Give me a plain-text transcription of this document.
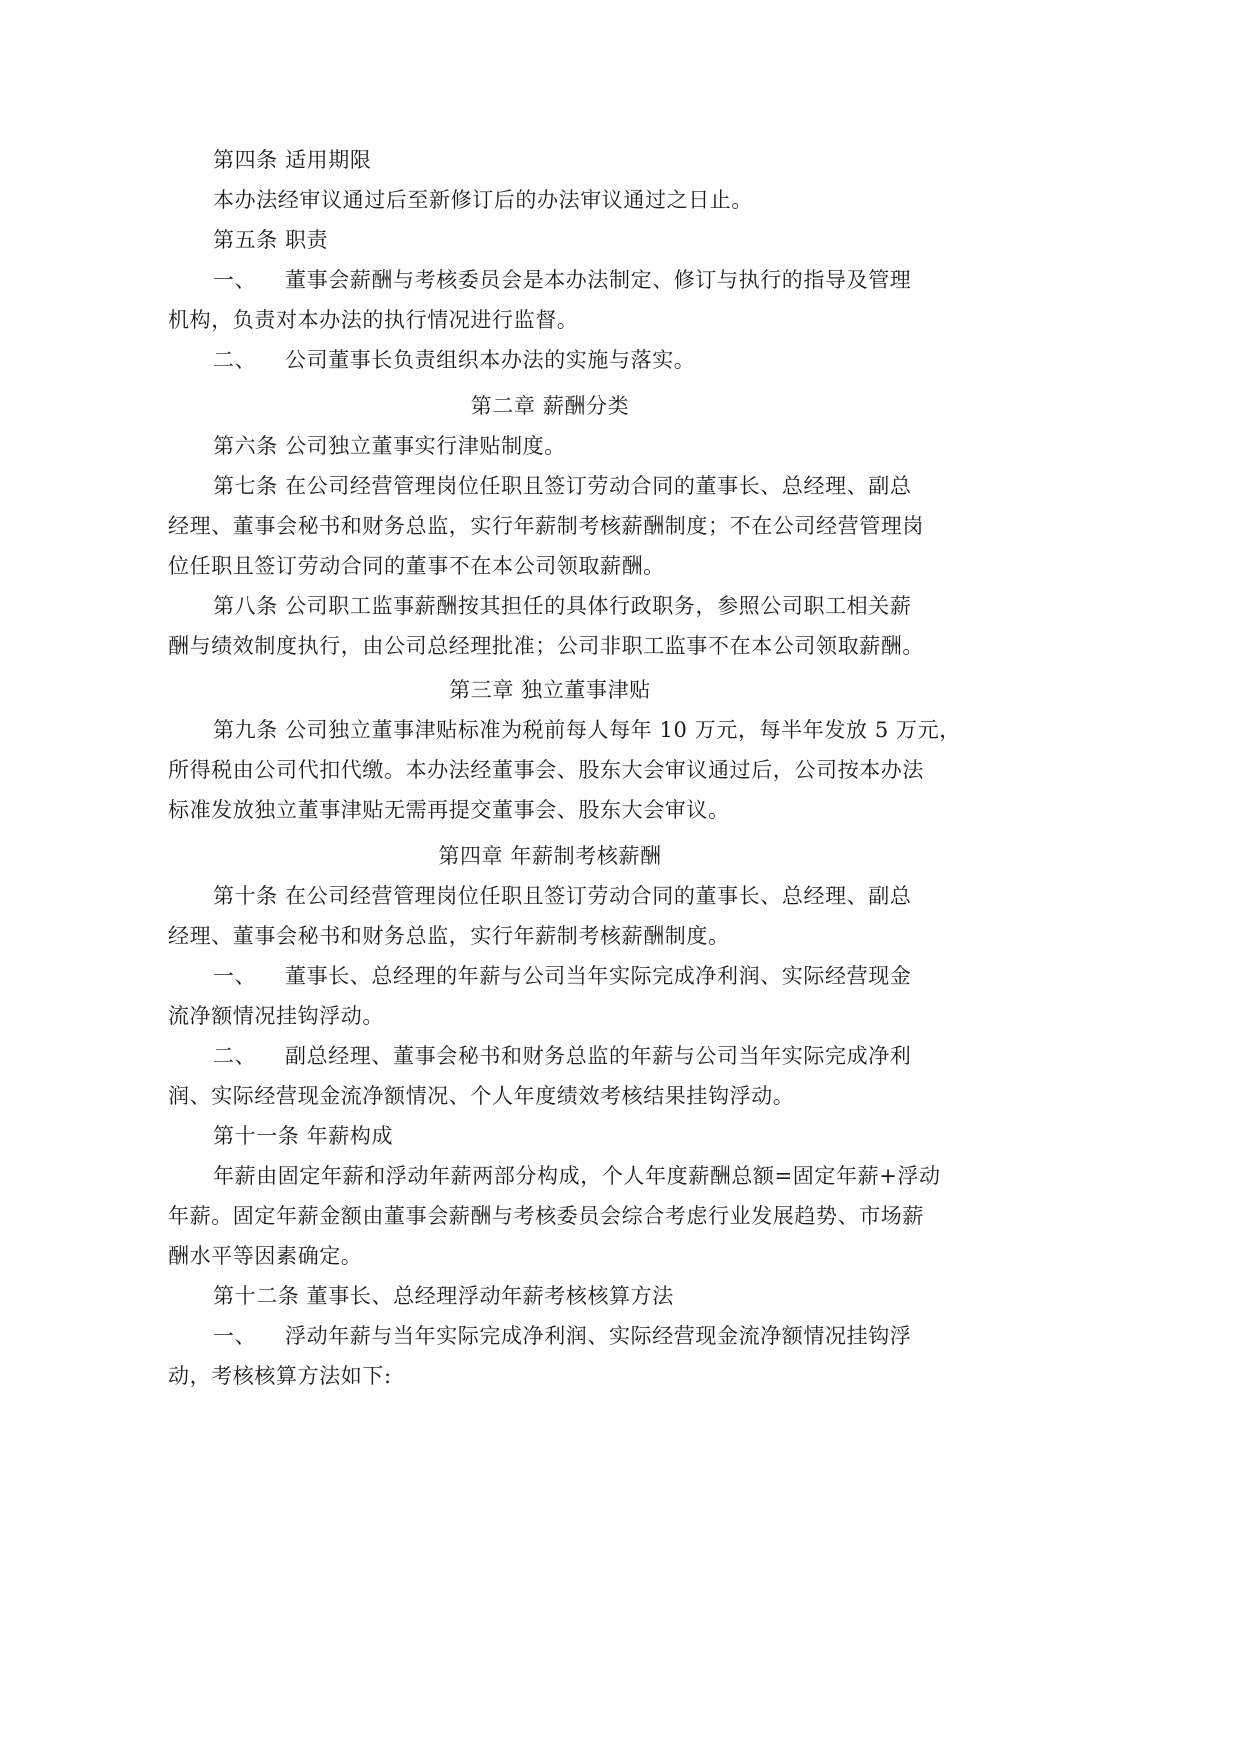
第四条 适用期限
本办法经审议通过后至新修订后的办法审议通过之日止。
第五条 职责
一、 董事会薪酬与考核委员会是本办法制定、修订与执行的指导及管理
机构，负责对本办法的执行情况进行监督。
二、 公司董事长负责组织本办法的实施与落实。
第二章 薪酬分类
第六条 公司独立董事实行津贴制度。
第七条 在公司经营管理岗位任职且签订劳动合同的董事长、总经理、副总
经理、董事会秘书和财务总监，实行年薪制考核薪酬制度；不在公司经营管理岗
位任职且签订劳动合同的董事不在本公司领取薪酬。
第八条 公司职工监事薪酬按其担任的具体行政职务，参照公司职工相关薪
酬与绩效制度执行，由公司总经理批准；公司非职工监事不在本公司领取薪酬。
第三章 独立董事津贴
第九条 公司独立董事津贴标准为税前每人每年 10 万元，每半年发放 5 万元，
所得税由公司代扣代缴。本办法经董事会、股东大会审议通过后，公司按本办法
标准发放独立董事津贴无需再提交董事会、股东大会审议。
第四章 年薪制考核薪酬
第十条 在公司经营管理岗位任职且签订劳动合同的董事长、总经理、副总
经理、董事会秘书和财务总监，实行年薪制考核薪酬制度。
一、 董事长、总经理的年薪与公司当年实际完成净利润、实际经营现金
流净额情况挂钩浮动。
二、 副总经理、董事会秘书和财务总监的年薪与公司当年实际完成净利
润、实际经营现金流净额情况、个人年度绩效考核结果挂钩浮动。
第十一条 年薪构成
年薪由固定年薪和浮动年薪两部分构成，个人年度薪酬总额=固定年薪+浮动
年薪。固定年薪金额由董事会薪酬与考核委员会综合考虑行业发展趋势、市场薪
酬水平等因素确定。
第十二条 董事长、总经理浮动年薪考核核算方法
一、 浮动年薪与当年实际完成净利润、实际经营现金流净额情况挂钩浮
动，考核核算方法如下:
